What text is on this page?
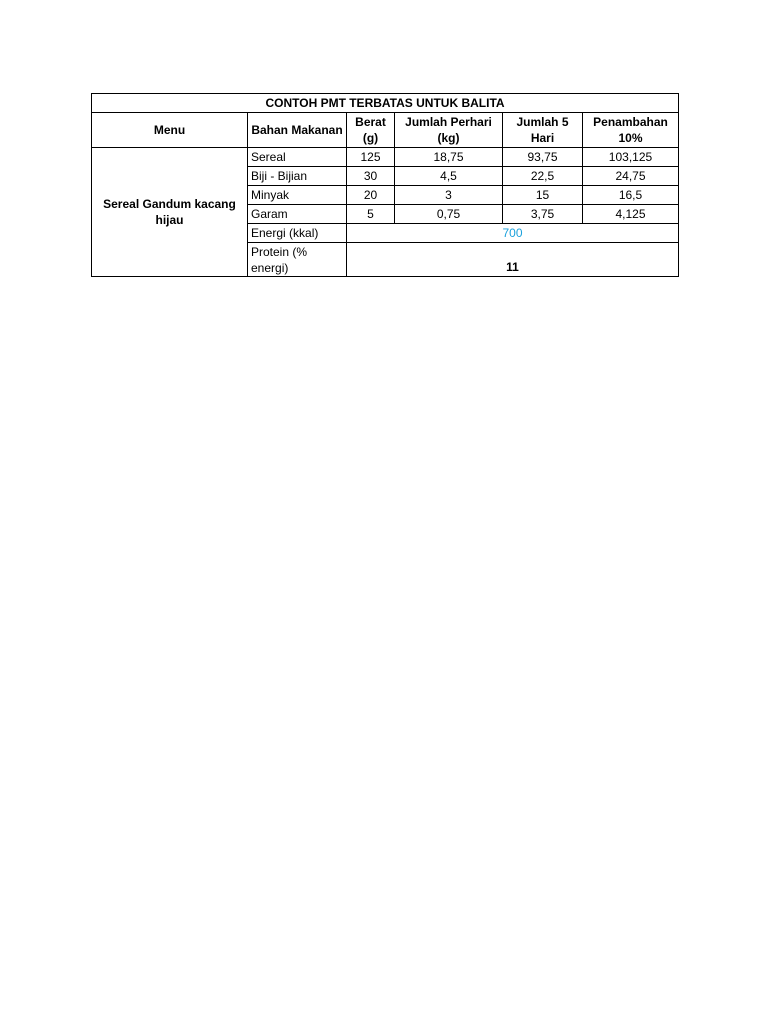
CONTOH PMT TERBATAS UNTUK BALITA					
Menu	Bahan Makanan	Berat (g)	Jumlah Perhari (kg)	Jumlah 5 Hari	Penambahan 10%
Sereal Gandum kacang hijau	Sereal	125	18,75	93,75	103,125
	Biji - Bijian	30	4,5	22,5	24,75
	Minyak	20	3	15	16,5
	Garam	5	0,75	3,75	4,125
	Energi (kkal)	700			
	Protein (% energi)	11			
